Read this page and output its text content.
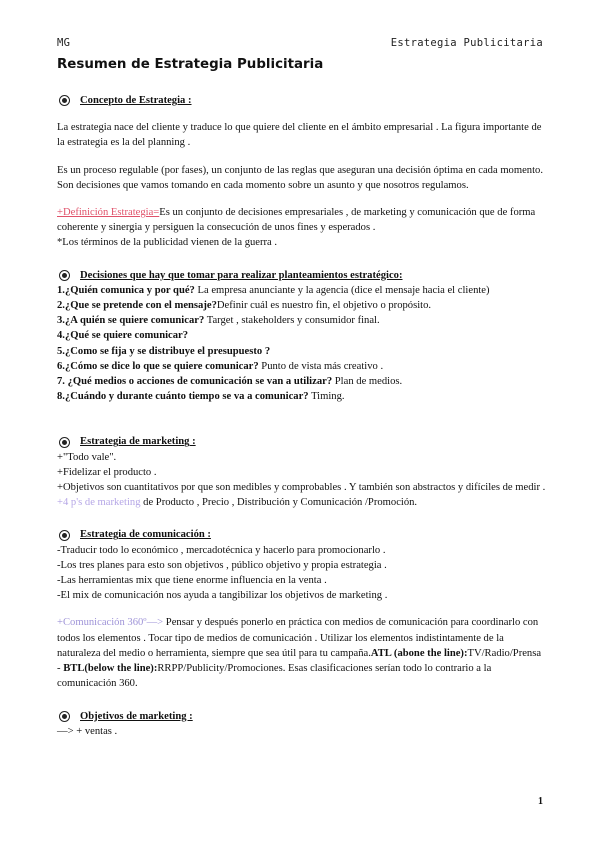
MG	Estrategia Publicitaria
Resumen de Estrategia Publicitaria
Concepto de Estrategia :

La estrategia nace del cliente y traduce lo que quiere del cliente en el ámbito empresarial . La figura importante de la estrategia es la del planning .

Es un proceso regulable (por fases), un conjunto de las reglas que aseguran una decisión óptima en cada momento. Son decisiones que vamos tomando en cada momento sobre un asunto y que nosotros regulamos.

+Definición Estrategia=Es un conjunto de decisiones empresariales , de marketing y comunicación que de forma coherente y sinergia y persiguen la consecución de unos fines y esperados .

*Los términos de la publicidad vienen de la guerra .

Decisiones que hay que tomar para realizar planteamientos estratégico:

1.¿Quién comunica y por qué? La empresa anunciante y la agencia (dice el mensaje hacia el cliente)

2.¿Que se pretende con el mensaje?Definir cuál es nuestro fin, el objetivo o propósito.

3.¿A quién se quiere comunicar? Target , stakeholders y consumidor final.

4.¿Qué se quiere comunicar?

5.¿Como se fija y se distribuye el presupuesto ?

6.¿Cómo se dice lo que se quiere comunicar? Punto de vista más creativo .

7. ¿Qué medios o acciones de comunicación se van a utilizar? Plan de medios.

8.¿Cuándo y durante cuánto tiempo se va a comunicar? Timing.

Estrategia de marketing :

+"Todo vale".

+Fidelizar el producto .

+Objetivos son cuantitativos por que son medibles y comprobables . Y también son abstractos y difíciles de medir .

+4 p's de marketing de Producto , Precio , Distribución y Comunicación /Promoción.

Estrategia de comunicación :

-Traducir todo lo económico , mercadotécnica y hacerlo para promocionarlo .

-Los tres planes para esto son objetivos , público objetivo y propia estrategia .

-Las herramientas mix que tiene enorme influencia en la venta .

-El mix de comunicación nos ayuda a tangibilizar los objetivos de marketing .

+Comunicación 360º—> Pensar y después ponerlo en práctica con medios de comunicación para coordinarlo con todos los elementos . Tocar tipo de medios de comunicación . Utilizar los elementos indistintamente de la naturaleza del medio o herramienta, siempre que sea útil para tu campaña.ATL (abone the line):TV/Radio/Prensa - BTL(below the line):RRPP/Publicity/Promociones. Esas clasificaciones serían todo lo contrario a la comunicación 360.

Objetivos de marketing :

—> + ventas .

1
